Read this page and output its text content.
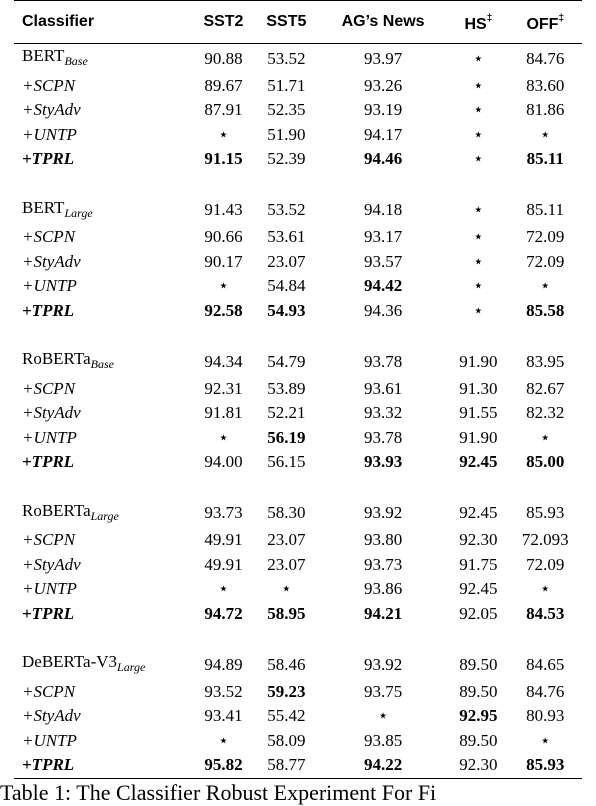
Classifier	SST2	SST5	AG’s News	HS‡	OFF‡
$BERT_{Base}$	90.88	53.52	93.97	⋆	84.76
+SCPN	89.67	51.71	93.26	⋆	83.60
+StyAdv	87.91	52.35	93.19	⋆	81.86
+UNTP	⋆	51.90	94.17	⋆	⋆
+TPRL	91.15	52.39	94.46	⋆	85.11

$BERT_{Large}$	91.43	53.52	94.18	⋆	85.11
+SCPN	90.66	53.61	93.17	⋆	72.09
+StyAdv	90.17	23.07	93.57	⋆	72.09
+UNTP	⋆	54.84	94.42	⋆	⋆
+TPRL	92.58	54.93	94.36	⋆	85.58

RoBERTa$_{Base}$	94.34	54.79	93.78	91.90	83.95
+SCPN	92.31	53.89	93.61	91.30	82.67
+StyAdv	91.81	52.21	93.32	91.55	82.32
+UNTP	⋆	56.19	93.78	91.90	⋆
+TPRL	94.00	56.15	93.93	92.45	85.00

RoBERTa$_{Large}$	93.73	58.30	93.92	92.45	85.93
+SCPN	49.91	23.07	93.80	92.30	72.093
+StyAdv	49.91	23.07	93.73	91.75	72.09
+UNTP	⋆	⋆	93.86	92.45	⋆
+TPRL	94.72	58.95	94.21	92.05	84.53

DeBERTa-$V3_{Large}$	94.89	58.46	93.92	89.50	84.65
+SCPN	93.52	59.23	93.75	89.50	84.76
+StyAdv	93.41	55.42	⋆	92.95	80.93
+UNTP	⋆	58.09	93.85	89.50	⋆
+TPRL	95.82	58.77	94.22	92.30	85.93
Table 1: The Classifier Robust Experiment For Fi
